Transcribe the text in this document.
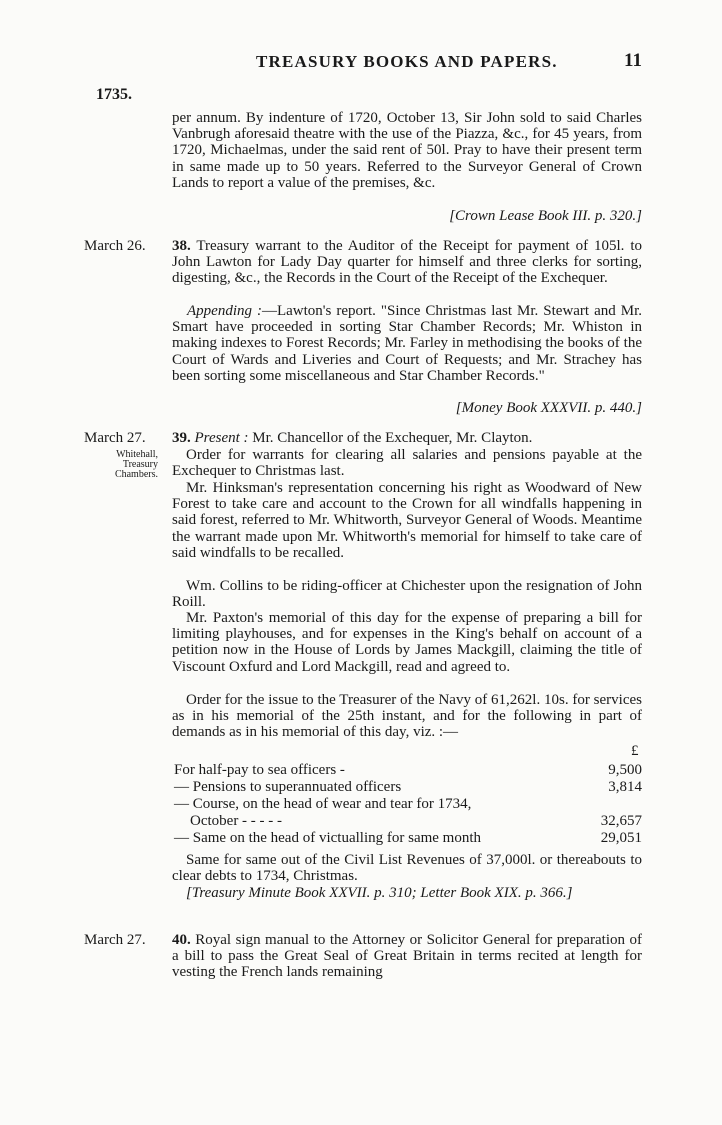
TREASURY BOOKS AND PAPERS.	11
1735.

per annum. By indenture of 1720, October 13, Sir John sold to said Charles Vanbrugh aforesaid theatre with the use of the Piazza, &c., for 45 years, from 1720, Michaelmas, under the said rent of 50l. Pray to have their present term in same made up to 50 years. Referred to the Surveyor General of Crown Lands to report a value of the premises, &c.

[Crown Lease Book III. p. 320.]
March 26. 38. Treasury warrant to the Auditor of the Receipt for payment of 105l. to John Lawton for Lady Day quarter for himself and three clerks for sorting, digesting, &c., the Records in the Court of the Receipt of the Exchequer.

Appending :—Lawton's report. "Since Christmas last Mr. Stewart and Mr. Smart have proceeded in sorting Star Chamber Records; Mr. Whiston in making indexes to Forest Records; Mr. Farley in methodising the books of the Court of Wards and Liveries and Court of Requests; and Mr. Strachey has been sorting some miscellaneous and Star Chamber Records."

[Money Book XXXVII. p. 440.]
March 27.
Whitehall, Treasury Chambers.

39. Present : Mr. Chancellor of the Exchequer, Mr. Clayton.

Order for warrants for clearing all salaries and pensions payable at the Exchequer to Christmas last.

Mr. Hinksman's representation concerning his right as Woodward of New Forest to take care and account to the Crown for all windfalls happening in said forest, referred to Mr. Whitworth, Surveyor General of Woods. Meantime the warrant made upon Mr. Whitworth's memorial for himself to take care of said windfalls to be recalled.

Wm. Collins to be riding-officer at Chichester upon the resignation of John Roill.

Mr. Paxton's memorial of this day for the expense of preparing a bill for limiting playhouses, and for expenses in the King's behalf on account of a petition now in the House of Lords by James Mackgill, claiming the title of Viscount Oxfurd and Lord Mackgill, read and agreed to.

Order for the issue to the Treasurer of the Navy of 61,262l. 10s. for services as in his memorial of the 25th instant, and for the following in part of demands as in his memorial of this day, viz. :—

£
For half-pay to sea officers -	9,500
— Pensions to superannuated officers	3,814
— Course, on the head of wear and tear for 1734,
October - - - - -	32,657
— Same on the head of victualling for same month	29,051

Same for same out of the Civil List Revenues of 37,000l. or thereabouts to clear debts to 1734, Christmas.

[Treasury Minute Book XXVII. p. 310; Letter Book XIX. p. 366.]

March 27. 40. Royal sign manual to the Attorney or Solicitor General for preparation of a bill to pass the Great Seal of Great Britain in terms recited at length for vesting the French lands remaining
